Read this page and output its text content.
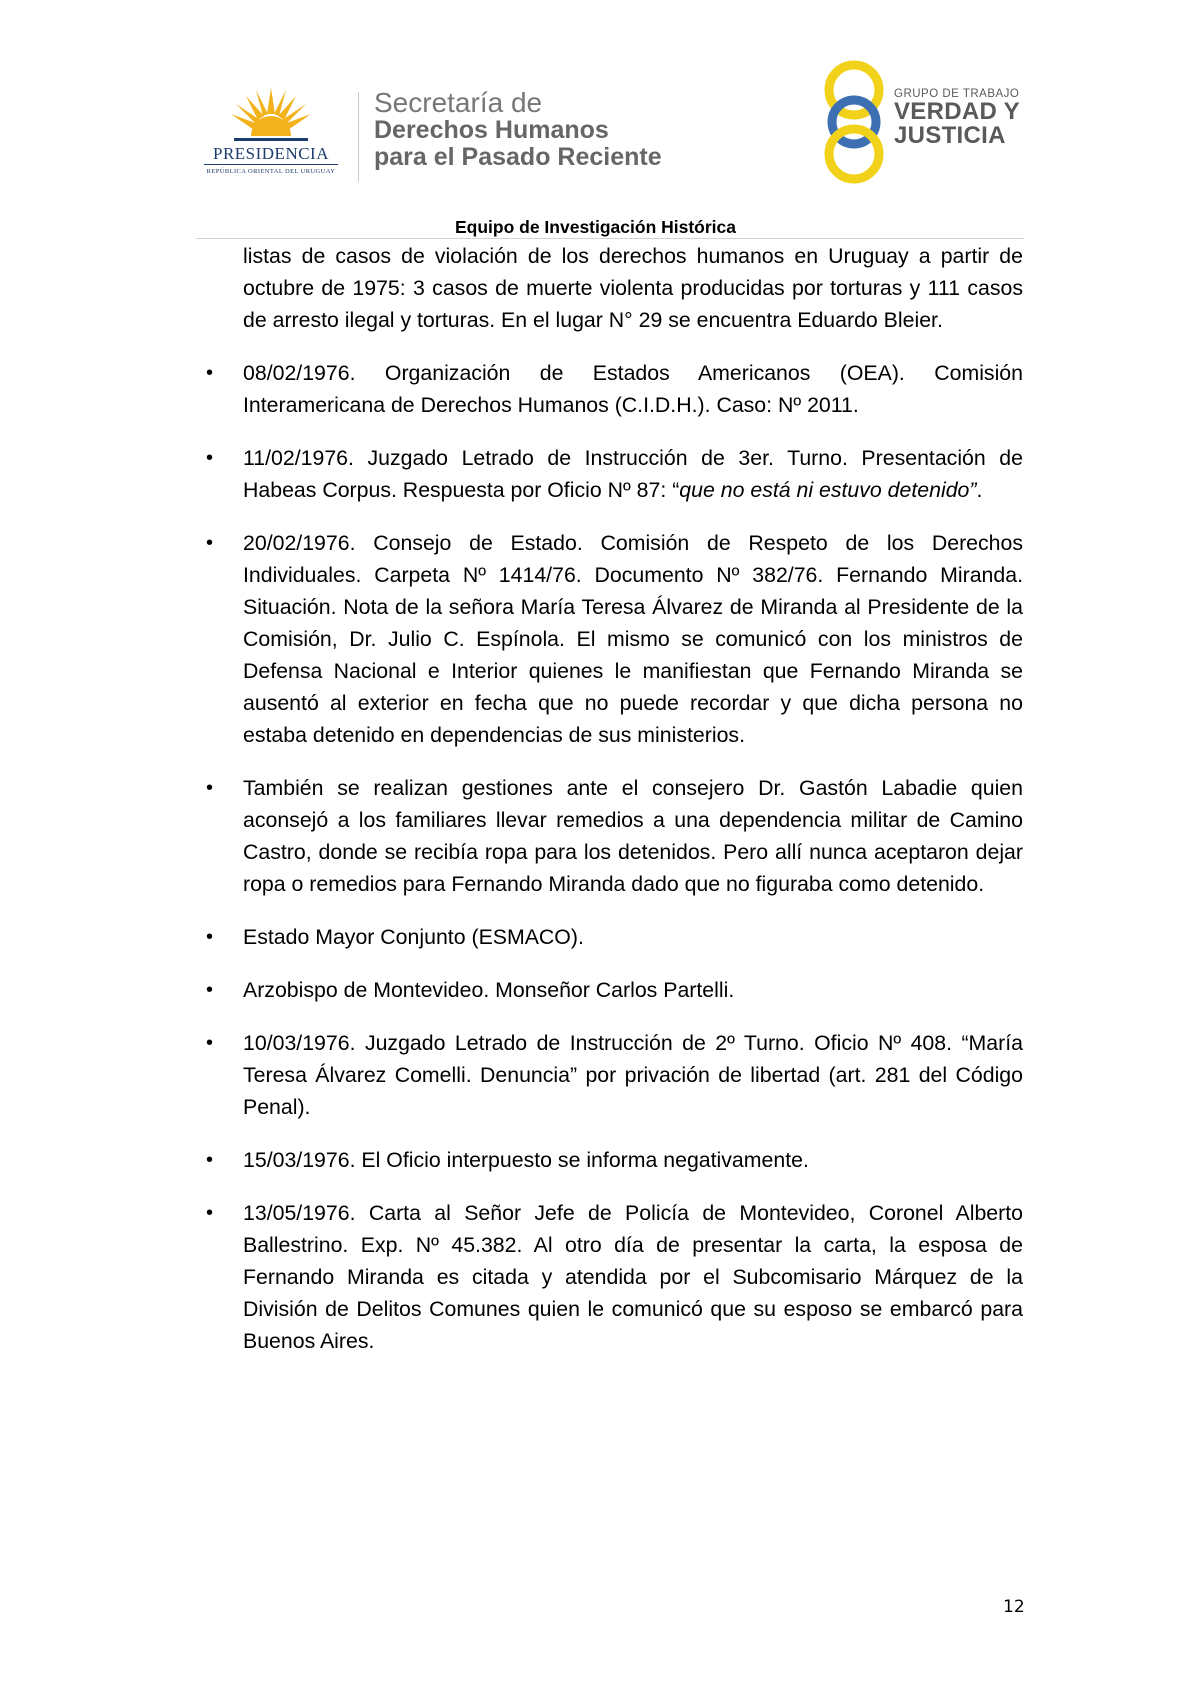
PRESIDENCIA
REPÚBLICA ORIENTAL DEL URUGUAY
Secretaría de
Derechos Humanos
para el Pasado Reciente
GRUPO DE TRABAJO
VERDAD Y
JUSTICIA
Equipo de Investigación Histórica

listas de casos de violación de los derechos humanos en Uruguay a partir de octubre de 1975: 3 casos de muerte violenta producidas por torturas y 111 casos de arresto ilegal y torturas. En el lugar N° 29 se encuentra Eduardo Bleier.

• 08/02/1976. Organización de Estados Americanos (OEA). Comisión Interamericana de Derechos Humanos (C.I.D.H.). Caso: Nº 2011.
• 11/02/1976. Juzgado Letrado de Instrucción de 3er. Turno. Presentación de Habeas Corpus. Respuesta por Oficio Nº 87: “que no está ni estuvo detenido”.
• 20/02/1976. Consejo de Estado. Comisión de Respeto de los Derechos Individuales. Carpeta Nº 1414/76. Documento Nº 382/76. Fernando Miranda. Situación. Nota de la señora María Teresa Álvarez de Miranda al Presidente de la Comisión, Dr. Julio C. Espínola. El mismo se comunicó con los ministros de Defensa Nacional e Interior quienes le manifiestan que Fernando Miranda se ausentó al exterior en fecha que no puede recordar y que dicha persona no estaba detenido en dependencias de sus ministerios.
• También se realizan gestiones ante el consejero Dr. Gastón Labadie quien aconsejó a los familiares llevar remedios a una dependencia militar de Camino Castro, donde se recibía ropa para los detenidos. Pero allí nunca aceptaron dejar ropa o remedios para Fernando Miranda dado que no figuraba como detenido.
• Estado Mayor Conjunto (ESMACO).
• Arzobispo de Montevideo. Monseñor Carlos Partelli.
• 10/03/1976. Juzgado Letrado de Instrucción de 2º Turno. Oficio Nº 408. “María Teresa Álvarez Comelli. Denuncia” por privación de libertad (art. 281 del Código Penal).
• 15/03/1976. El Oficio interpuesto se informa negativamente.
• 13/05/1976. Carta al Señor Jefe de Policía de Montevideo, Coronel Alberto Ballestrino. Exp. Nº 45.382. Al otro día de presentar la carta, la esposa de Fernando Miranda es citada y atendida por el Subcomisario Márquez de la División de Delitos Comunes quien le comunicó que su esposo se embarcó para Buenos Aires.
12
